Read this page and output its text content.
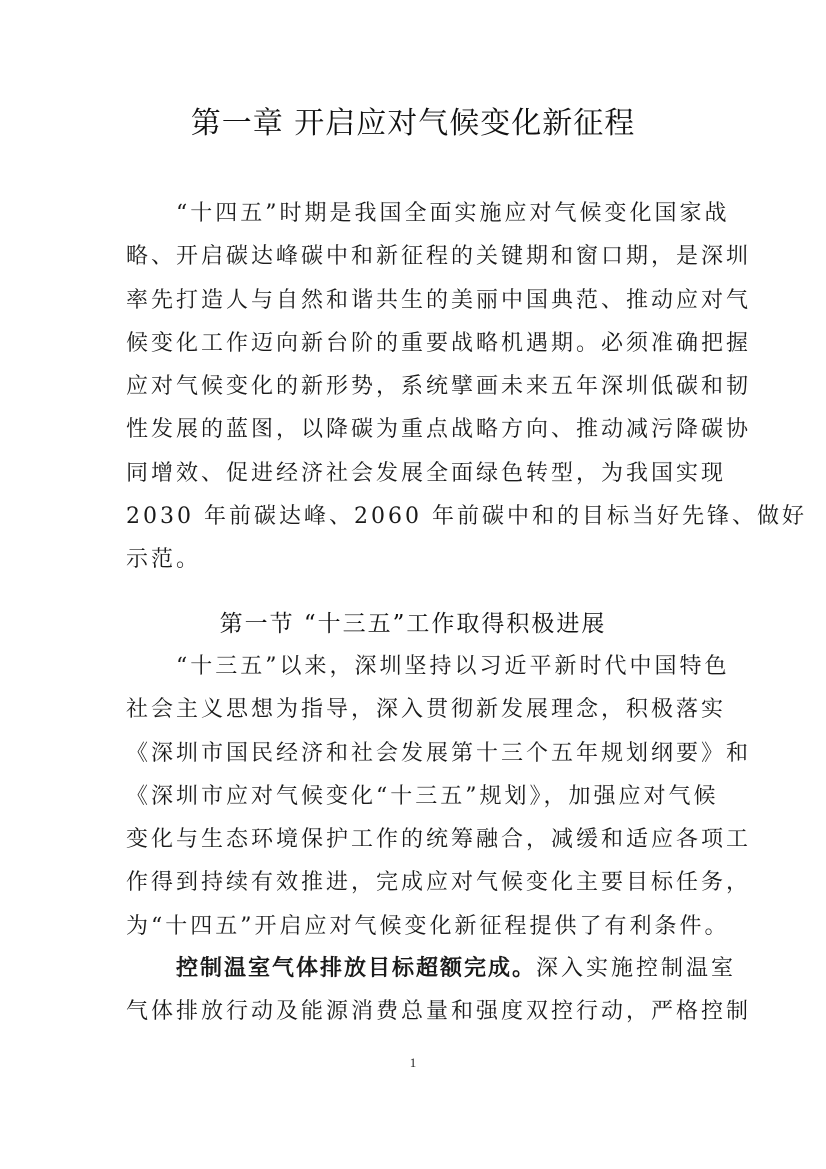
第一章 开启应对气候变化新征程
　　“十四五”时期是我国全面实施应对气候变化国家战
略、开启碳达峰碳中和新征程的关键期和窗口期，是深圳
率先打造人与自然和谐共生的美丽中国典范、推动应对气
候变化工作迈向新台阶的重要战略机遇期。必须准确把握
应对气候变化的新形势，系统擘画未来五年深圳低碳和韧
性发展的蓝图，以降碳为重点战略方向、推动减污降碳协
同增效、促进经济社会发展全面绿色转型，为我国实现
2030 年前碳达峰、2060 年前碳中和的目标当好先锋、做好
示范。
第一节 “十三五”工作取得积极进展
　　“十三五”以来，深圳坚持以习近平新时代中国特色
社会主义思想为指导，深入贯彻新发展理念，积极落实
《深圳市国民经济和社会发展第十三个五年规划纲要》和
《深圳市应对气候变化“十三五”规划》，加强应对气候
变化与生态环境保护工作的统筹融合，减缓和适应各项工
作得到持续有效推进，完成应对气候变化主要目标任务，
为“十四五”开启应对气候变化新征程提供了有利条件。
　　控制温室气体排放目标超额完成。深入实施控制温室
气体排放行动及能源消费总量和强度双控行动，严格控制
1
